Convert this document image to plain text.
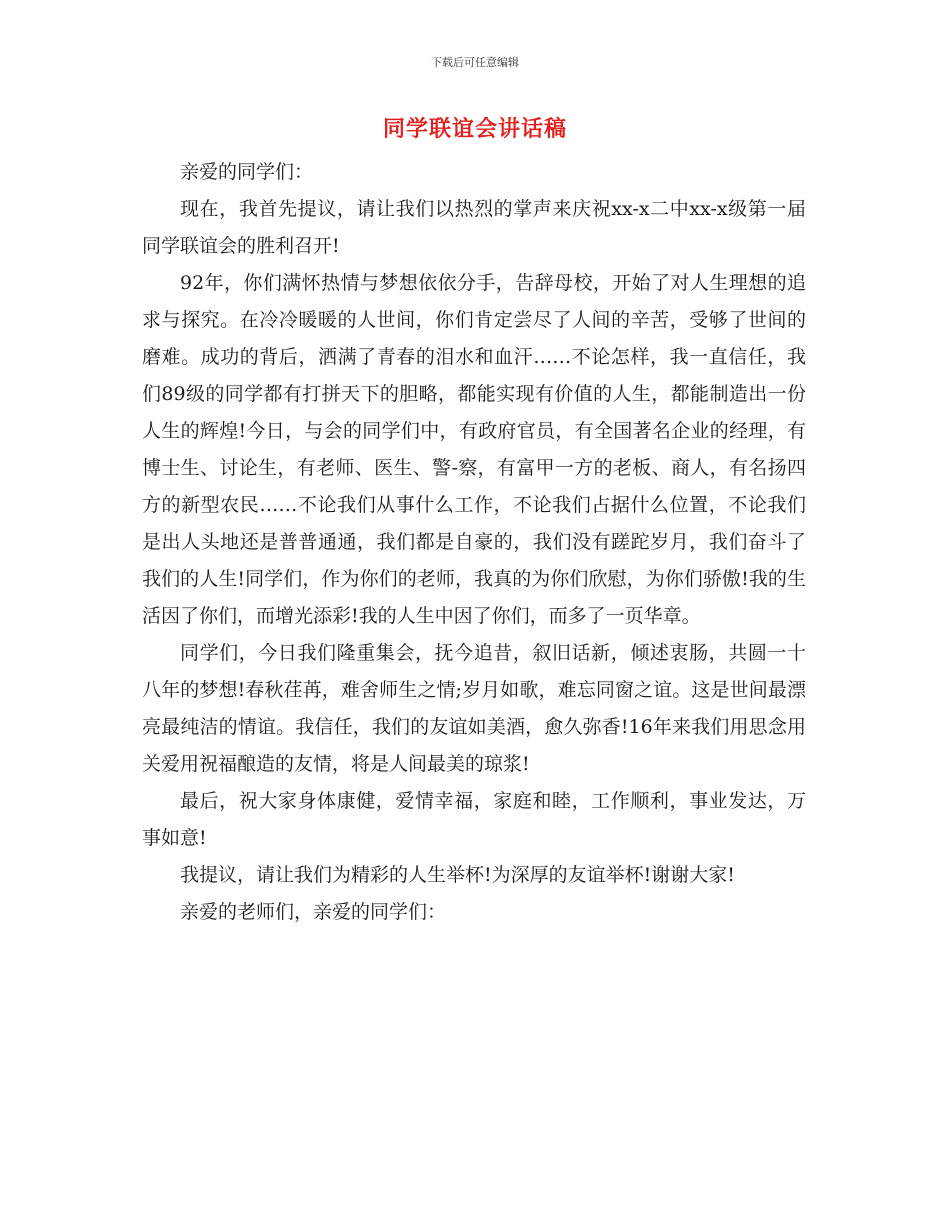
下载后可任意编辑
同学联谊会讲话稿

亲爱的同学们：

现在，我首先提议，请让我们以热烈的掌声来庆祝xx-x二中xx-x级第一届同学联谊会的胜利召开!

92年，你们满怀热情与梦想依依分手，告辞母校，开始了对人生理想的追求与探究。在冷冷暖暖的人世间，你们肯定尝尽了人间的辛苦，受够了世间的磨难。成功的背后，洒满了青春的泪水和血汗……不论怎样，我一直信任，我们89级的同学都有打拼天下的胆略，都能实现有价值的人生，都能制造出一份人生的辉煌!今日，与会的同学们中，有政府官员，有全国著名企业的经理，有博士生、讨论生，有老师、医生、警-察，有富甲一方的老板、商人，有名扬四方的新型农民……不论我们从事什么工作，不论我们占据什么位置，不论我们是出人头地还是普普通通，我们都是自豪的，我们没有蹉跎岁月，我们奋斗了我们的人生!同学们，作为你们的老师，我真的为你们欣慰，为你们骄傲!我的生活因了你们，而增光添彩!我的人生中因了你们，而多了一页华章。

同学们，今日我们隆重集会，抚今追昔，叙旧话新，倾述衷肠，共圆一十八年的梦想!春秋荏苒，难舍师生之情;岁月如歌，难忘同窗之谊。这是世间最漂亮最纯洁的情谊。我信任，我们的友谊如美酒，愈久弥香!16年来我们用思念用关爱用祝福酿造的友情，将是人间最美的琼浆!

最后，祝大家身体康健，爱情幸福，家庭和睦，工作顺利，事业发达，万事如意!

我提议，请让我们为精彩的人生举杯!为深厚的友谊举杯!谢谢大家!

亲爱的老师们，亲爱的同学们：
